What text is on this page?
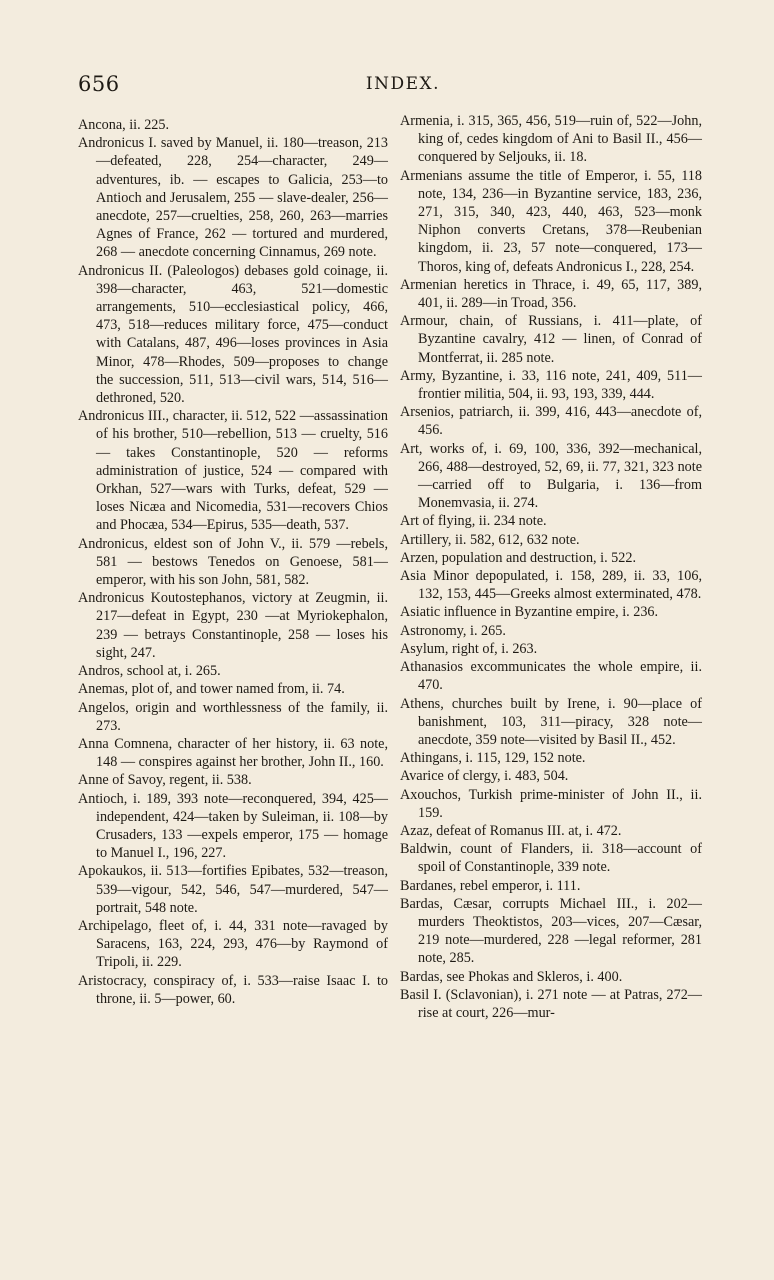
656	INDEX.

Ancona, ii. 225.

Andronicus I. saved by Manuel, ii. 180—treason, 213—defeated, 228, 254—character, 249—adventures, ib. — escapes to Galicia, 253—to Antioch and Jerusalem, 255 — slave-dealer, 256—anecdote, 257—cruelties, 258, 260, 263—marries Agnes of France, 262 — tortured and murdered, 268 — anecdote concerning Cinnamus, 269 note.

Andronicus II. (Paleologos) debases gold coinage, ii. 398—character, 463, 521—domestic arrangements, 510—ecclesiastical policy, 466, 473, 518—reduces military force, 475—conduct with Catalans, 487, 496—loses provinces in Asia Minor, 478—Rhodes, 509—proposes to change the succession, 511, 513—civil wars, 514, 516—dethroned, 520.

Andronicus III., character, ii. 512, 522 —assassination of his brother, 510—rebellion, 513 — cruelty, 516 — takes Constantinople, 520 — reforms administration of justice, 524 — compared with Orkhan, 527—wars with Turks, defeat, 529 — loses Nicæa and Nicomedia, 531—recovers Chios and Phocæa, 534—Epirus, 535—death, 537.

Andronicus, eldest son of John V., ii. 579 —rebels, 581 — bestows Tenedos on Genoese, 581—emperor, with his son John, 581, 582.

Andronicus Koutostephanos, victory at Zeugmin, ii. 217—defeat in Egypt, 230 —at Myriokephalon, 239 — betrays Constantinople, 258 — loses his sight, 247.

Andros, school at, i. 265.

Anemas, plot of, and tower named from, ii. 74.

Angelos, origin and worthlessness of the family, ii. 273.

Anna Comnena, character of her history, ii. 63 note, 148 — conspires against her brother, John II., 160.

Anne of Savoy, regent, ii. 538.

Antioch, i. 189, 393 note—reconquered, 394, 425—independent, 424—taken by Suleiman, ii. 108—by Crusaders, 133 —expels emperor, 175 — homage to Manuel I., 196, 227.

Apokaukos, ii. 513—fortifies Epibates, 532—treason, 539—vigour, 542, 546, 547—murdered, 547—portrait, 548 note.

Archipelago, fleet of, i. 44, 331 note—ravaged by Saracens, 163, 224, 293, 476—by Raymond of Tripoli, ii. 229.

Aristocracy, conspiracy of, i. 533—raise Isaac I. to throne, ii. 5—power, 60.

Armenia, i. 315, 365, 456, 519—ruin of, 522—John, king of, cedes kingdom of Ani to Basil II., 456—conquered by Seljouks, ii. 18.

Armenians assume the title of Emperor, i. 55, 118 note, 134, 236—in Byzantine service, 183, 236, 271, 315, 340, 423, 440, 463, 523—monk Niphon converts Cretans, 378—Reubenian kingdom, ii. 23, 57 note—conquered, 173—Thoros, king of, defeats Andronicus I., 228, 254.

Armenian heretics in Thrace, i. 49, 65, 117, 389, 401, ii. 289—in Troad, 356.

Armour, chain, of Russians, i. 411—plate, of Byzantine cavalry, 412 — linen, of Conrad of Montferrat, ii. 285 note.

Army, Byzantine, i. 33, 116 note, 241, 409, 511—frontier militia, 504, ii. 93, 193, 339, 444.

Arsenios, patriarch, ii. 399, 416, 443—anecdote of, 456.

Art, works of, i. 69, 100, 336, 392—mechanical, 266, 488—destroyed, 52, 69, ii. 77, 321, 323 note—carried off to Bulgaria, i. 136—from Monemvasia, ii. 274.

Art of flying, ii. 234 note.

Artillery, ii. 582, 612, 632 note.

Arzen, population and destruction, i. 522.

Asia Minor depopulated, i. 158, 289, ii. 33, 106, 132, 153, 445—Greeks almost exterminated, 478.

Asiatic influence in Byzantine empire, i. 236.

Astronomy, i. 265.

Asylum, right of, i. 263.

Athanasios excommunicates the whole empire, ii. 470.

Athens, churches built by Irene, i. 90—place of banishment, 103, 311—piracy, 328 note—anecdote, 359 note—visited by Basil II., 452.

Athingans, i. 115, 129, 152 note.

Avarice of clergy, i. 483, 504.

Axouchos, Turkish prime-minister of John II., ii. 159.

Azaz, defeat of Romanus III. at, i. 472.

Baldwin, count of Flanders, ii. 318—account of spoil of Constantinople, 339 note.

Bardanes, rebel emperor, i. 111.

Bardas, Cæsar, corrupts Michael III., i. 202—murders Theoktistos, 203—vices, 207—Cæsar, 219 note—murdered, 228 —legal reformer, 281 note, 285.

Bardas, see Phokas and Skleros, i. 400.

Basil I. (Sclavonian), i. 271 note — at Patras, 272—rise at court, 226—mur-
